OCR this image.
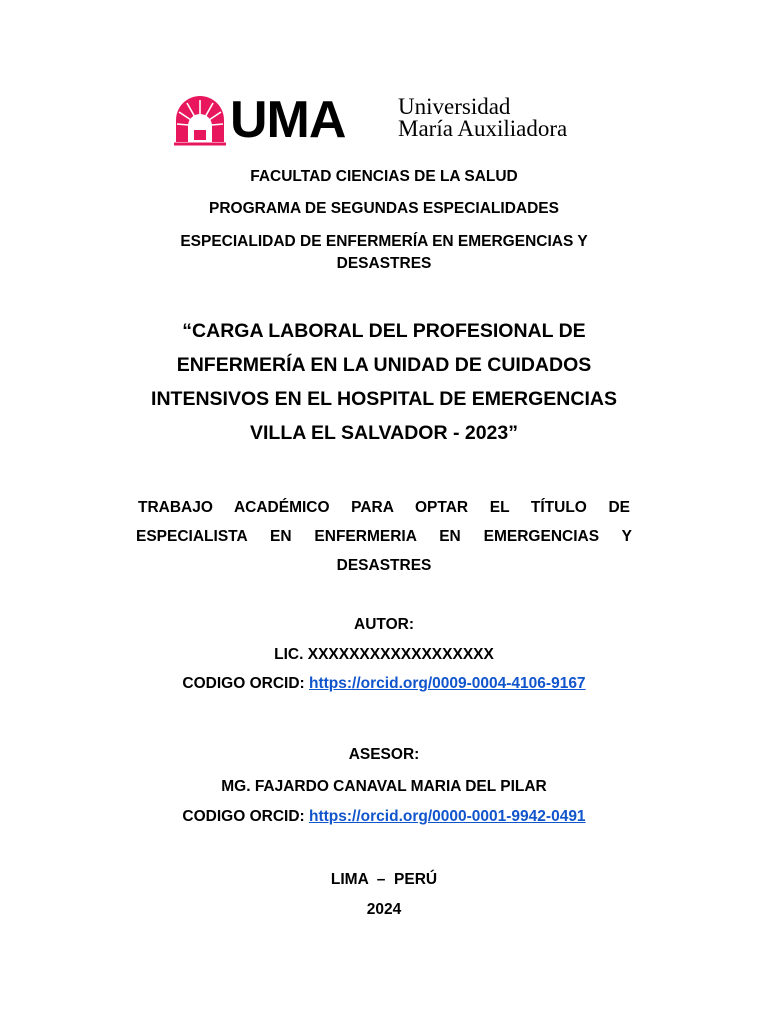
UMA Universidad
María Auxiliadora
FACULTAD CIENCIAS DE LA SALUD
PROGRAMA DE SEGUNDAS ESPECIALIDADES
ESPECIALIDAD DE ENFERMERÍA EN EMERGENCIAS Y
DESASTRES
“CARGA LABORAL DEL PROFESIONAL DE
ENFERMERÍA EN LA UNIDAD DE CUIDADOS
INTENSIVOS EN EL HOSPITAL DE EMERGENCIAS
VILLA EL SALVADOR - 2023”
TRABAJO ACADÉMICO PARA OPTAR EL TÍTULO DE
ESPECIALISTA EN ENFERMERIA EN EMERGENCIAS Y
DESASTRES
AUTOR:
LIC. XXXXXXXXXXXXXXXXXX
CODIGO ORCID: https://orcid.org/0009-0004-4106-9167
ASESOR:
MG. FAJARDO CANAVAL MARIA DEL PILAR
CODIGO ORCID: https://orcid.org/0000-0001-9942-0491
LIMA  –  PERÚ
2024
